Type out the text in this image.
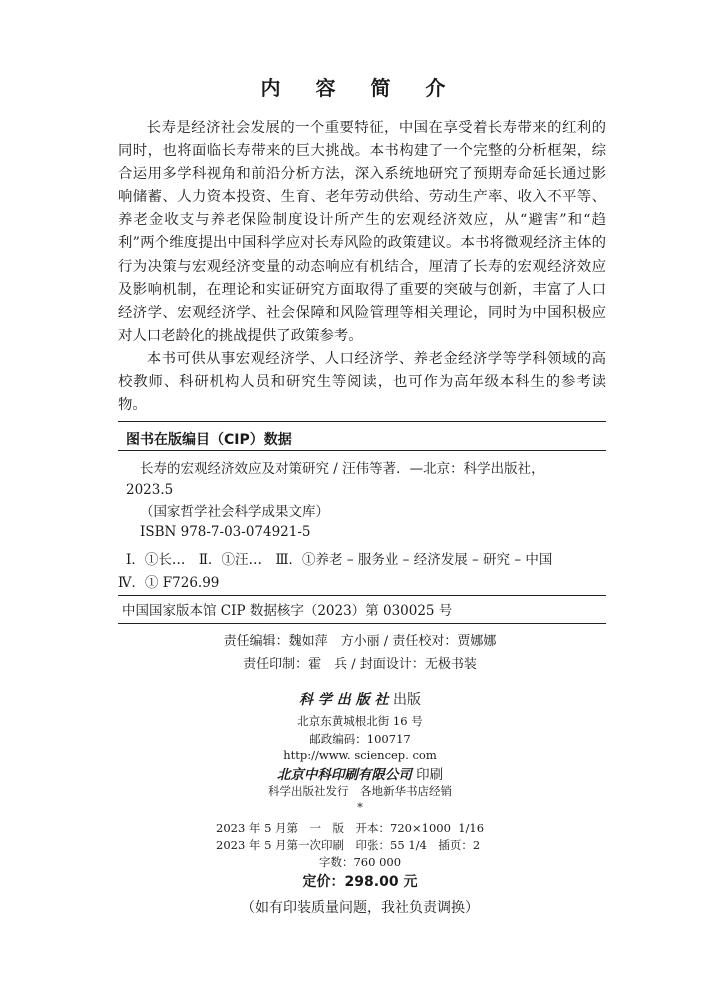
内 容 简 介

长寿是经济社会发展的一个重要特征，中国在享受着长寿带来的红利的同时，也将面临长寿带来的巨大挑战。本书构建了一个完整的分析框架，综合运用多学科视角和前沿分析方法，深入系统地研究了预期寿命延长通过影响储蓄、人力资本投资、生育、老年劳动供给、劳动生产率、收入不平等、养老金收支与养老保险制度设计所产生的宏观经济效应，从“避害”和“趋利”两个维度提出中国科学应对长寿风险的政策建议。本书将微观经济主体的行为决策与宏观经济变量的动态响应有机结合，厘清了长寿的宏观经济效应及影响机制，在理论和实证研究方面取得了重要的突破与创新，丰富了人口经济学、宏观经济学、社会保障和风险管理等相关理论，同时为中国积极应对人口老龄化的挑战提供了政策参考。

本书可供从事宏观经济学、人口经济学、养老金经济学等学科领域的高校教师、科研机构人员和研究生等阅读，也可作为高年级本科生的参考读物。

图书在版编目（CIP）数据
长寿的宏观经济效应及对策研究 / 汪伟等著．—北京：科学出版社，
2023.5
（国家哲学社会科学成果文库）
ISBN 978-7-03-074921-5
Ⅰ．①长…　Ⅱ．①汪…　Ⅲ．①养老 – 服务业 – 经济发展 – 研究 – 中国
Ⅳ．① F726.99
中国国家版本馆 CIP 数据核字（2023）第 030025 号
责任编辑：魏如萍　方小丽 / 责任校对：贾娜娜
责任印制：霍　兵 / 封面设计：无极书装
科 学 出 版 社 出版
北京东黄城根北街 16 号
邮政编码：100717
http://www. sciencep. com
北京中科印刷有限公司 印刷
科学出版社发行　各地新华书店经销
*
2023 年 5 月第　一　版　开本：720×1000  1/16
2023 年 5 月第一次印刷　印张：55 1/4　插页：2
字数：760 000
定价：298.00 元
（如有印装质量问题，我社负责调换）
